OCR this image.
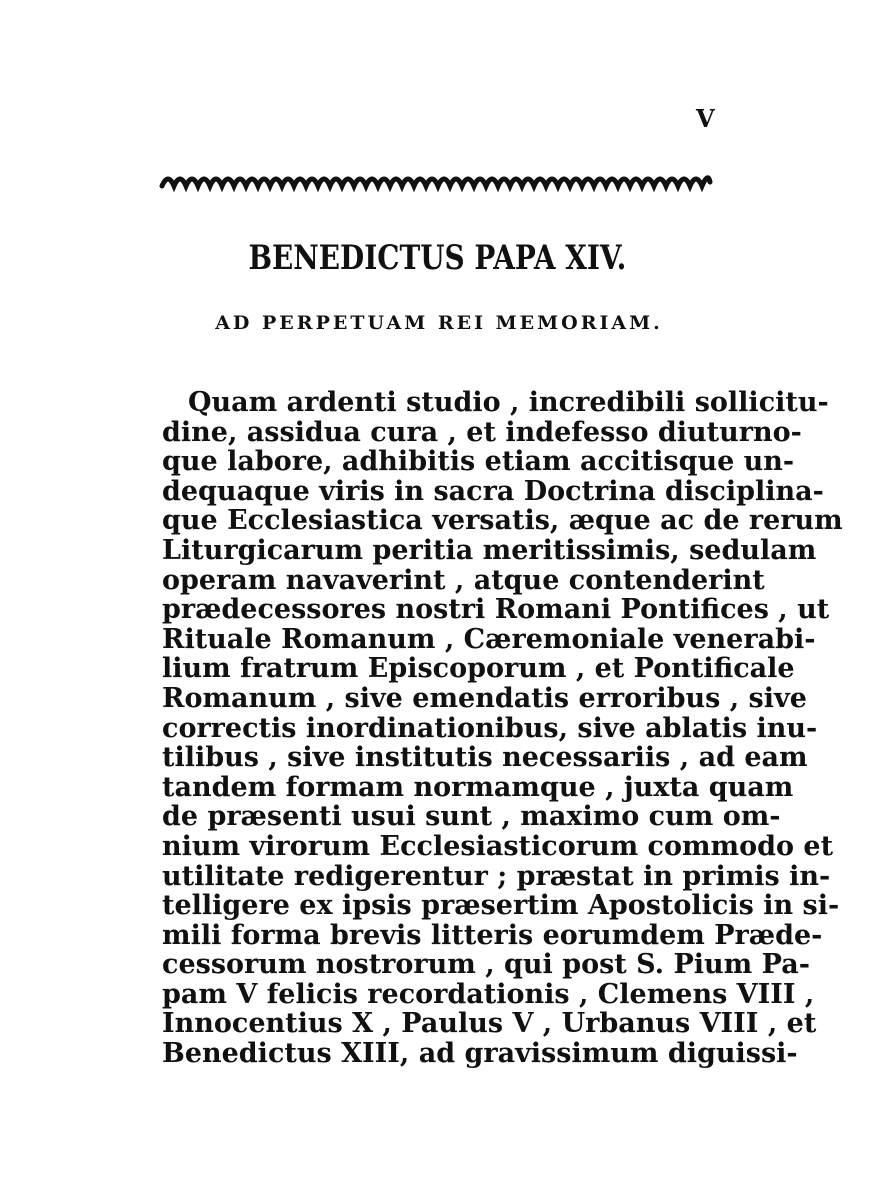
V
BENEDICTUS PAPA XIV.
AD PERPETUAM REI MEMORIAM.
Quam ardenti studio , incredibili sollicitu-
dine, assidua cura , et indefesso diuturno-
que labore, adhibitis etiam accitisque un-
dequaque viris in sacra Doctrina disciplina-
que Ecclesiastica versatis, æque ac de rerum
Liturgicarum peritia meritissimis, sedulam
operam navaverint , atque contenderint
prædecessores nostri Romani Pontifices , ut
Rituale Romanum , Cæremoniale venerabi-
lium fratrum Episcoporum , et Pontificale
Romanum , sive emendatis erroribus , sive
correctis inordinationibus, sive ablatis inu-
tilibus , sive institutis necessariis , ad eam
tandem formam normamque , juxta quam
de præsenti usui sunt , maximo cum om-
nium virorum Ecclesiasticorum commodo et
utilitate redigerentur ; præstat in primis in-
telligere ex ipsis præsertim Apostolicis in si-
mili forma brevis litteris eorumdem Præde-
cessorum nostrorum , qui post S. Pium Pa-
pam V felicis recordationis , Clemens VIII ,
Innocentius X , Paulus V , Urbanus VIII , et
Benedictus XIII, ad gravissimum diguissi-
